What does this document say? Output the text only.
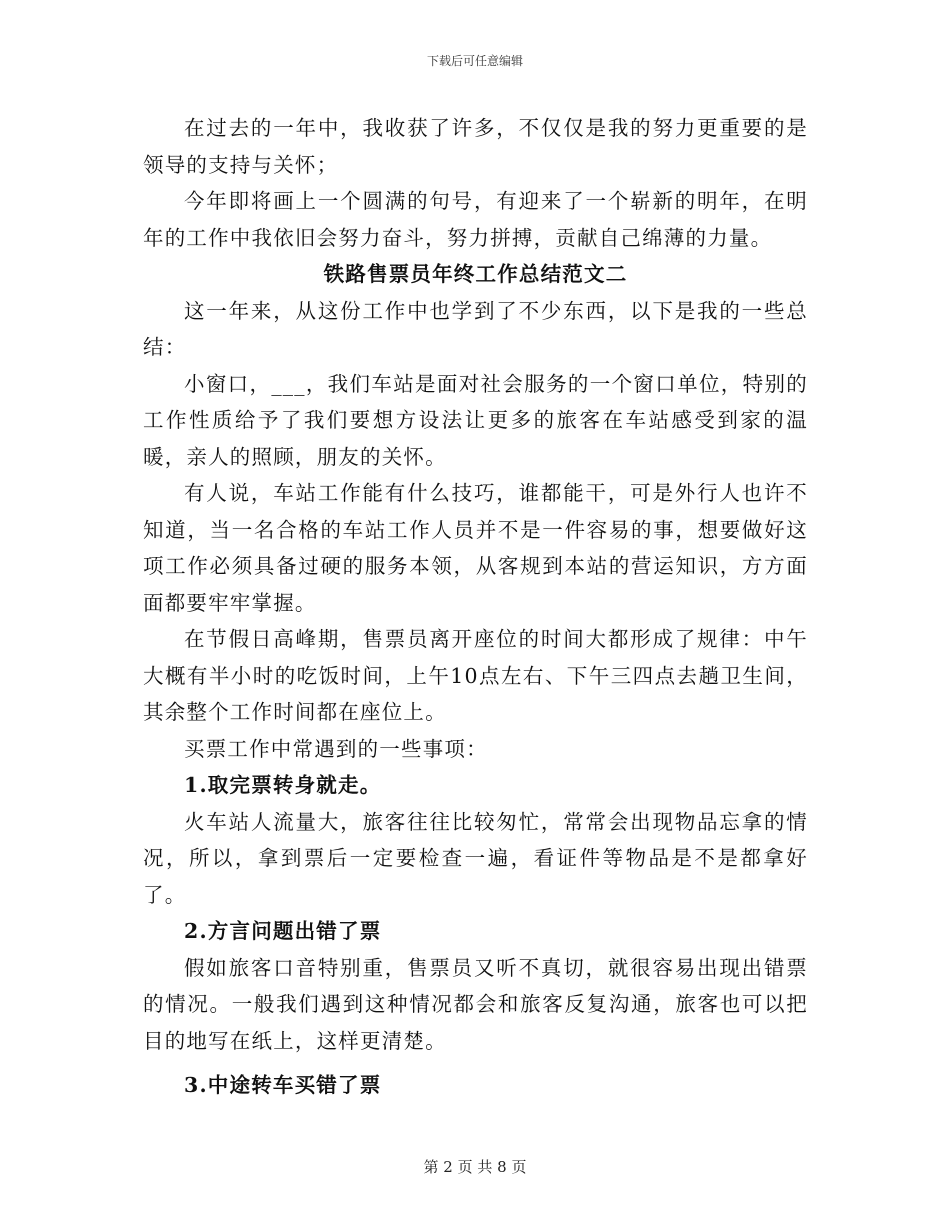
下载后可任意编辑

在过去的一年中，我收获了许多，不仅仅是我的努力更重要的是领导的支持与关怀；

今年即将画上一个圆满的句号，有迎来了一个崭新的明年，在明年的工作中我依旧会努力奋斗，努力拼搏，贡献自己绵薄的力量。

铁路售票员年终工作总结范文二

这一年来，从这份工作中也学到了不少东西，以下是我的一些总结：

小窗口，___，我们车站是面对社会服务的一个窗口单位，特别的工作性质给予了我们要想方设法让更多的旅客在车站感受到家的温暖，亲人的照顾，朋友的关怀。

有人说，车站工作能有什么技巧，谁都能干，可是外行人也许不知道，当一名合格的车站工作人员并不是一件容易的事，想要做好这项工作必须具备过硬的服务本领，从客规到本站的营运知识，方方面面都要牢牢掌握。

在节假日高峰期，售票员离开座位的时间大都形成了规律：中午大概有半小时的吃饭时间，上午10点左右、下午三四点去趟卫生间，其余整个工作时间都在座位上。

买票工作中常遇到的一些事项：

1.取完票转身就走。

火车站人流量大，旅客往往比较匆忙，常常会出现物品忘拿的情况，所以，拿到票后一定要检查一遍，看证件等物品是不是都拿好了。

2.方言问题出错了票

假如旅客口音特别重，售票员又听不真切，就很容易出现出错票的情况。一般我们遇到这种情况都会和旅客反复沟通，旅客也可以把目的地写在纸上，这样更清楚。

3.中途转车买错了票

第 2 页 共 8 页
